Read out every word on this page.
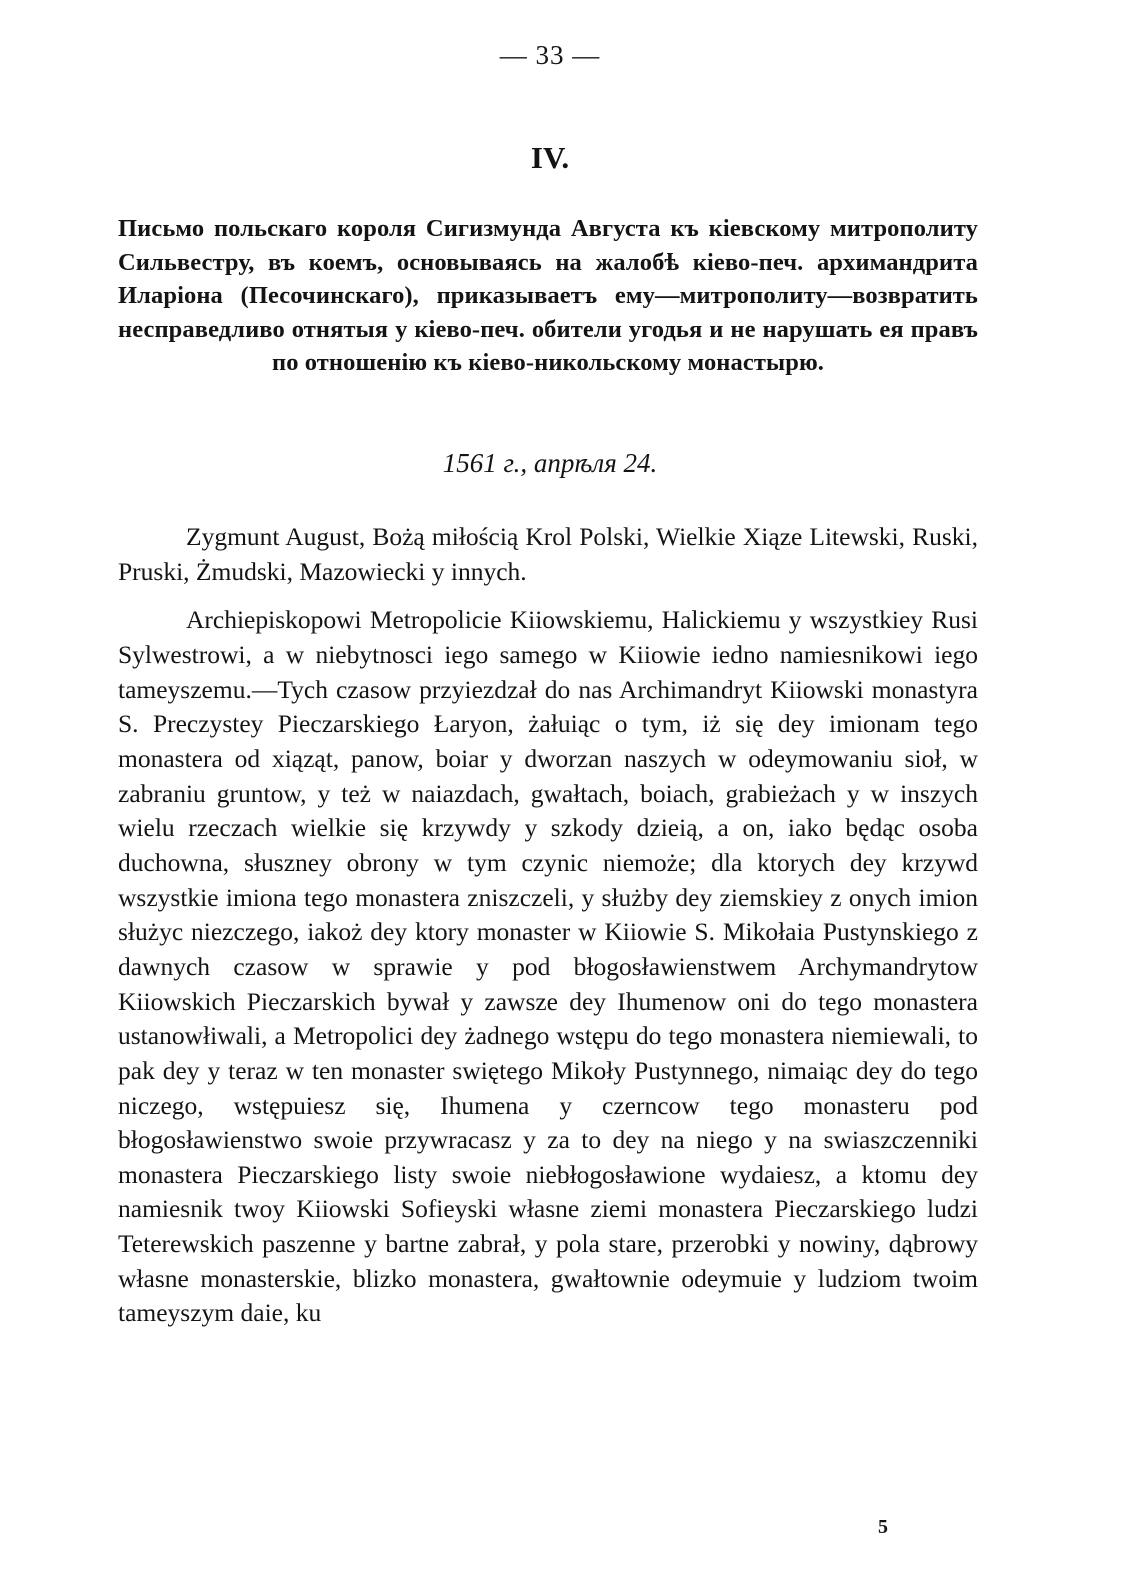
— 33 —
IV.
Письмо польскаго короля Сигизмунда Августа къ кіевскому митрополиту Сильвестру, въ коемъ, основываясь на жалобѣ кіево-печ. архимандрита Иларіона (Песочинскаго), приказываетъ ему—митрополиту—возвратить несправедливо отнятыя у кіево-печ. обители угодья и не нарушать ея правъ по отношенію къ кіево-никольскому монастырю.
1561 г., апрѣля 24.

Zygmunt August, Bożą miłością Krol Polski, Wielkie Xiąze Litewski, Ruski, Pruski, Żmudski, Mazowiecki y innych.

Archiepiskopowi Metropolicie Kiiowskiemu, Halickiemu y wszystkiey Rusi Sylwestrowi, a w niebytnosci iego samego w Kiiowie iedno namiesnikowi iego tameyszemu.—Tych czasow przyiezdzał do nas Archimandryt Kiiowski monastyra S. Preczystey Pieczarskiego Łaryon, żałuiąc o tym, iż się dey imionam tego monastera od xiąząt, panow, boiar y dworzan naszych w odeymowaniu sioł, w zabraniu gruntow, y też w naiazdach, gwałtach, boiach, grabieżach y w inszych wielu rzeczach wielkie się krzywdy y szkody dzieią, a on, iako będąc osoba duchowna, słuszney obrony w tym czynic niemoże; dla ktorych dey krzywd wszystkie imiona tego monastera zniszczeli, y służby dey ziemskiey z onych imion służyc niezczego, iakoż dey ktory monaster w Kiiowie S. Mikołaia Pustynskiego z dawnych czasow w sprawie y pod błogosławienstwem Archymandrytow Kiiowskich Pieczarskich bywał y zawsze dey Ihumenow oni do tego monastera ustanowłiwali, a Metropolici dey żadnego wstępu do tego monastera niemiewali, to pak dey y teraz w ten monaster swiętego Mikoły Pustynnego, nimaiąc dey do tego niczego, wstępuiesz się, Ihumena y czerncow tego monasteru pod błogosławienstwo swoie przywracasz y za to dey na niego y na swiaszczenniki monastera Pieczarskiego listy swoie niebłogosławione wydaiesz, a ktomu dey namiesnik twoy Kiiowski Sofieyski własne ziemi monastera Pieczarskiego ludzi Teterewskich paszenne y bartne zabrał, y pola stare, przerobki y nowiny, dąbrowy własne monasterskie, blizko monastera, gwałtownie odeymuie y ludziom twoim tameyszym daie, ku

5
